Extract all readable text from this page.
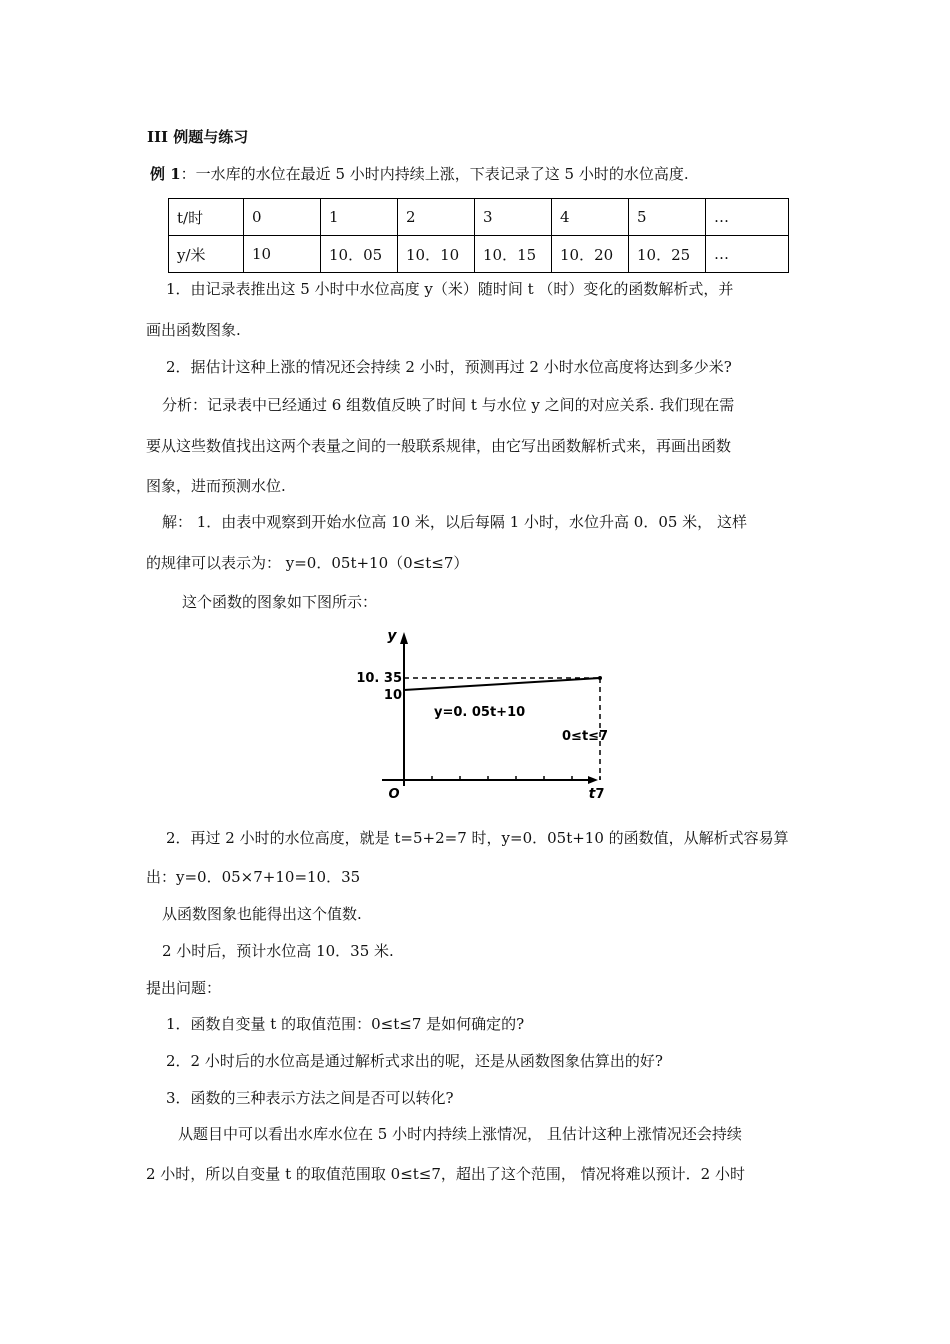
III 例题与练习
例 1：一水库的水位在最近 5 小时内持续上涨，下表记录了这 5 小时的水位高度.
t/时	0	1	2	3	4	5	…
y/米	10	10．05	10．10	10．15	10．20	10．25	…
1．由记录表推出这 5 小时中水位高度 y（米）随时间 t （时）变化的函数解析式，并
画出函数图象.
2．据估计这种上涨的情况还会持续 2 小时，预测再过 2 小时水位高度将达到多少米?
分析：记录表中已经通过 6 组数值反映了时间 t 与水位 y 之间的对应关系. 我们现在需
要从这些数值找出这两个表量之间的一般联系规律，由它写出函数解析式来，再画出函数
图象，进而预测水位.
解： 1．由表中观察到开始水位高 10 米，以后每隔 1 小时，水位升高 0．05 米， 这样
的规律可以表示为： y=0．05t+10（0≤t≤7）
这个函数的图象如下图所示：
y
t
10. 35
10
O	7
y=0. 05t+10
0≤t≤7
2．再过 2 小时的水位高度，就是 t=5+2=7 时，y=0．05t+10 的函数值，从解析式容易算
出：y=0．05×7+10=10．35
从函数图象也能得出这个值数.
2 小时后，预计水位高 10．35 米.
提出问题：
1．函数自变量 t 的取值范围：0≤t≤7 是如何确定的?
2．2 小时后的水位高是通过解析式求出的呢，还是从函数图象估算出的好?
3．函数的三种表示方法之间是否可以转化?
从题目中可以看出水库水位在 5 小时内持续上涨情况， 且估计这种上涨情况还会持续
2 小时，所以自变量 t 的取值范围取 0≤t≤7，超出了这个范围， 情况将难以预计．2 小时
